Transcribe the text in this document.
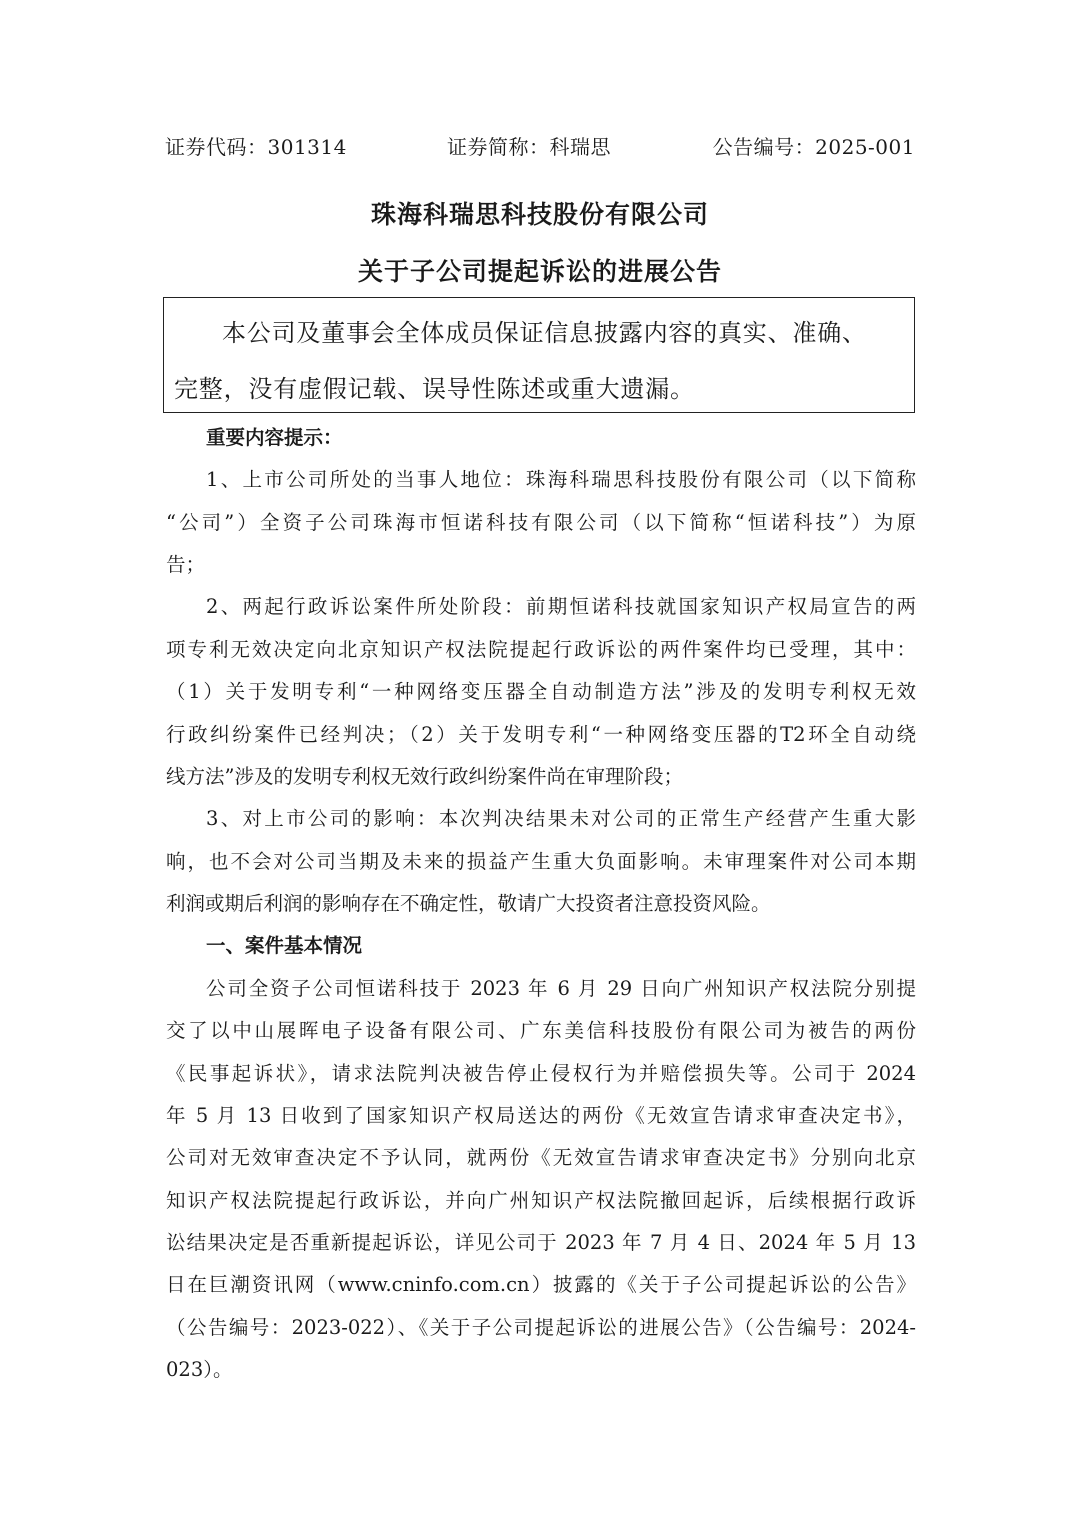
证券代码：301314	证券简称：科瑞思	公告编号：2025-001
珠海科瑞思科技股份有限公司
关于子公司提起诉讼的进展公告
本公司及董事会全体成员保证信息披露内容的真实、准确、
完整，没有虚假记载、误导性陈述或重大遗漏。
重要内容提示：
1、上市公司所处的当事人地位：珠海科瑞思科技股份有限公司（以下简称
“公司”）全资子公司珠海市恒诺科技有限公司（以下简称“恒诺科技”）为原
告；
2、两起行政诉讼案件所处阶段：前期恒诺科技就国家知识产权局宣告的两
项专利无效决定向北京知识产权法院提起行政诉讼的两件案件均已受理，其中：
（1）关于发明专利“一种网络变压器全自动制造方法”涉及的发明专利权无效
行政纠纷案件已经判决；（2）关于发明专利“一种网络变压器的T2环全自动绕
线方法”涉及的发明专利权无效行政纠纷案件尚在审理阶段；
3、对上市公司的影响：本次判决结果未对公司的正常生产经营产生重大影
响，也不会对公司当期及未来的损益产生重大负面影响。未审理案件对公司本期
利润或期后利润的影响存在不确定性，敬请广大投资者注意投资风险。
一、案件基本情况
公司全资子公司恒诺科技于 2023 年 6 月 29 日向广州知识产权法院分别提
交了以中山展晖电子设备有限公司、广东美信科技股份有限公司为被告的两份
《民事起诉状》，请求法院判决被告停止侵权行为并赔偿损失等。公司于 2024
年 5 月 13 日收到了国家知识产权局送达的两份《无效宣告请求审查决定书》，
公司对无效审查决定不予认同，就两份《无效宣告请求审查决定书》分别向北京
知识产权法院提起行政诉讼，并向广州知识产权法院撤回起诉，后续根据行政诉
讼结果决定是否重新提起诉讼，详见公司于 2023 年 7 月 4 日、2024 年 5 月 13
日在巨潮资讯网（www.cninfo.com.cn）披露的《关于子公司提起诉讼的公告》
（公告编号：2023-022）、《关于子公司提起诉讼的进展公告》（公告编号：2024-
023）。
